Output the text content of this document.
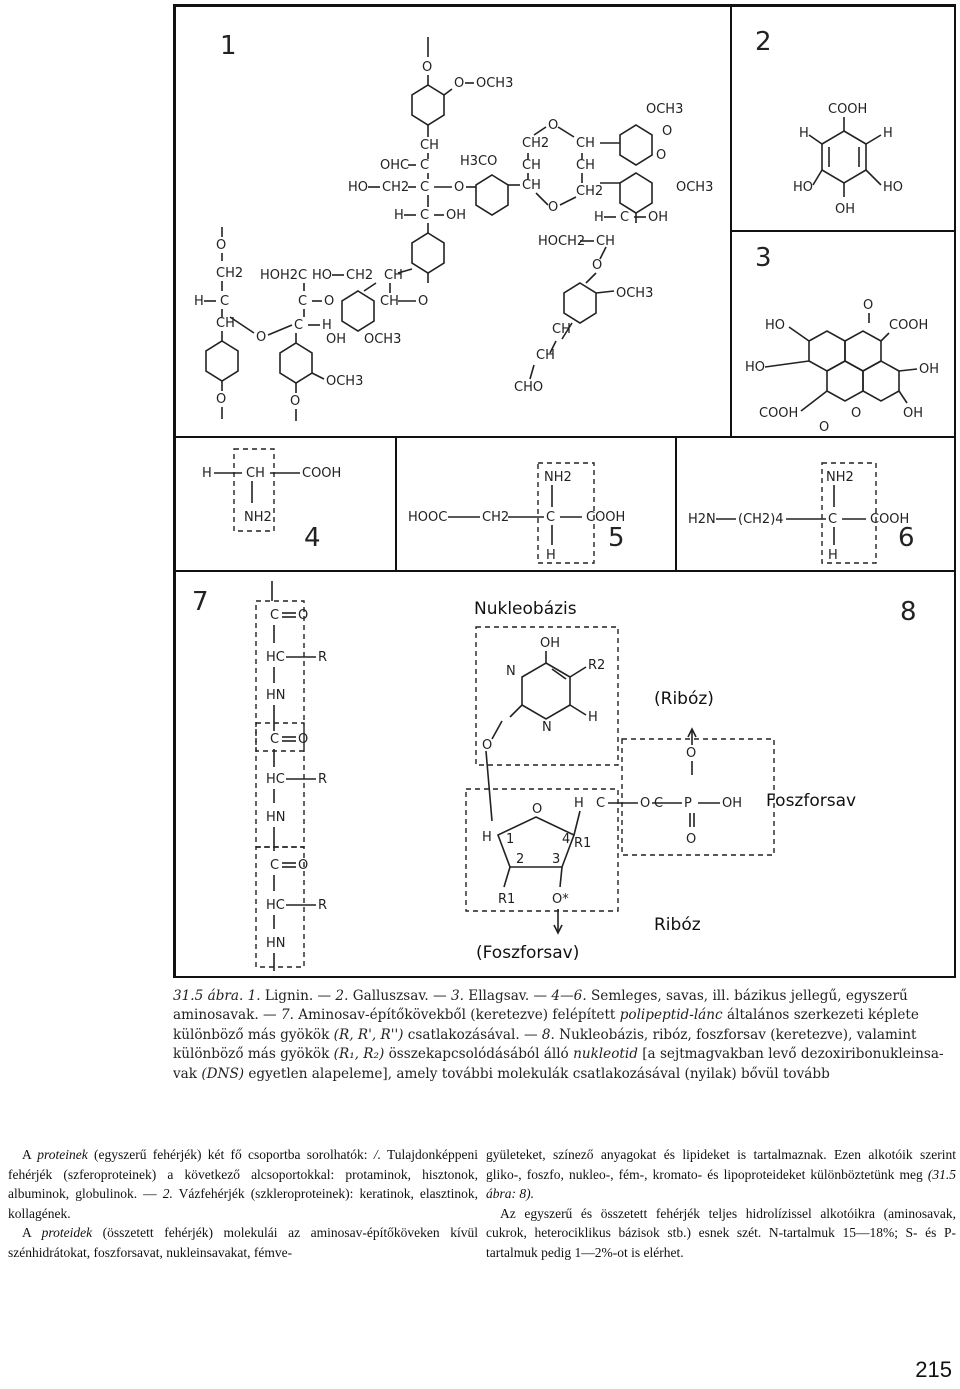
1
O
O OCH3
CH
OHC C
HO CH2 C O
H C OH
H3CO
CH
CH2
CH
CH
CH
CH2
O
O
OCH3
O
O
OCH3
H C OH
HOCH2 CH
O
OCH3
CH
CH
CHO
O
CH2
H C
CH
O
O
HOH2 C HO CH2 CH
C O
C H
O
OCH3
OH OCH3
CH O
2
COOH
H	H
HO	HO
OH
3
O
HO	COOH
HO	OH
COOH	O
O
OH
4
H	CH	COOH
NH2
5
NH2
HOOC	CH2	C COOH
H
6
NH2
H2N (CH2)4	C	COOH
H
7	8
C O
HC	R
HN
C O
HC	R
HN
C O
HC	R
HN
Nukleobázis
(Ribóz)
Foszforsav
Ribóz
(Foszforsav)
OH
N
N
R2
H
O
O
H 1	4 R1
2 3
R1	O*
H C	O
O
C P OH
O
31.5 ábra. 1. Lignin. — 2. Galluszsav. — 3. Ellagsav. — 4—6. Semleges, savas, ill. bázikus jellegű, egyszerű
aminosavak. — 7. Aminosav-építőkövekből (keretezve) felépített polipeptid-lánc általános szerkezeti képlete
különböző más gyökök (R, R', R'') csatlakozásával. — 8. Nukleobázis, ribóz, foszforsav (keretezve), valamint
különböző más gyökök (R₁, R₂) összekapcsolódásából álló nukleotid [a sejtmagvakban levő dezoxiribonukleinsa-
vak (DNS) egyetlen alapeleme], amely további molekulák csatlakozásával (nyilak) bővül tovább

A proteinek (egyszerű fehérjék) két fő csoportba sorolhatók: /. Tulajdonképpeni fehérjék (szferoproteinek) a következő alcsoportokkal: protaminok, hisztonok, albuminok, globulinok. — 2. Vázfehérjék (szkleroproteinek): keratinok, elasztinok, kollagének.

A proteidek (összetett fehérjék) molekulái az aminosav-építőköveken kívül szénhidrátokat, foszforsavat, nukleinsavakat, fémve-

gyületeket, színező anyagokat és lipideket is tartalmaznak. Ezen alkotóik szerint gliko-, foszfo, nukleo-, fém-, kromato- és lipoproteideket különböztetünk meg (31.5 ábra: 8).

Az egyszerű és összetett fehérjék teljes hidrolízissel alkotóikra (aminosavak, cukrok, heterociklikus bázisok stb.) esnek szét. N-tartalmuk 15—18%; S- és P-tartalmuk pedig 1—2%-ot is elérhet.

215
